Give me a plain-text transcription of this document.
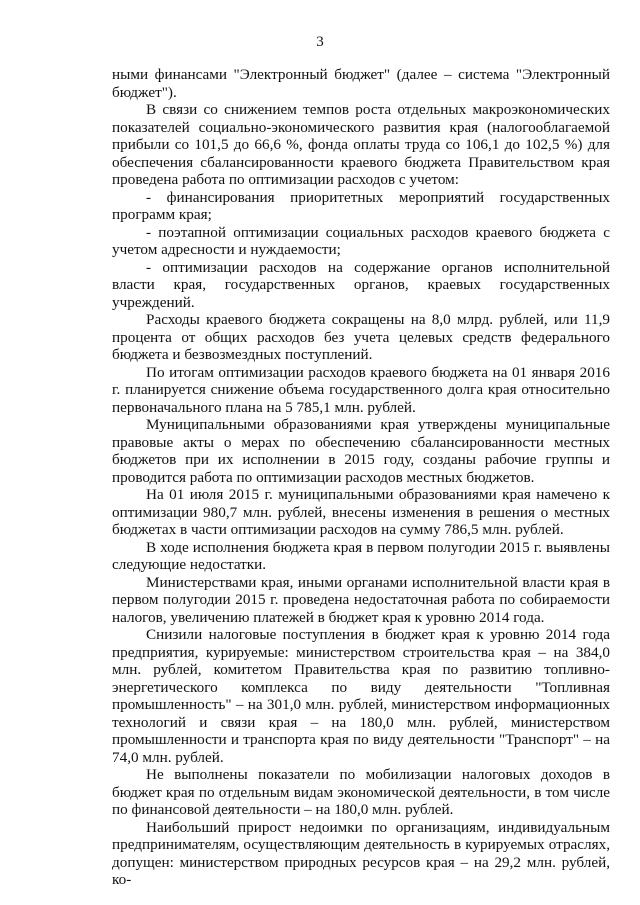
3

ными финансами "Электронный бюджет" (далее – система "Электронный бюджет").

В связи со снижением темпов роста отдельных макроэкономических показателей социально-экономического развития края (налогооблагаемой прибыли со 101,5 до 66,6 %, фонда оплаты труда со 106,1 до 102,5 %) для обеспечения сбалансированности краевого бюджета Правительством края проведена работа по оптимизации расходов с учетом:

- финансирования приоритетных мероприятий государственных программ края;

- поэтапной оптимизации социальных расходов краевого бюджета с учетом адресности и нуждаемости;

- оптимизации расходов на содержание органов исполнительной власти края, государственных органов, краевых государственных учреждений.

Расходы краевого бюджета сокращены на 8,0 млрд. рублей, или 11,9 процента от общих расходов без учета целевых средств федерального бюджета и безвозмездных поступлений.

По итогам оптимизации расходов краевого бюджета на 01 января 2016 г. планируется снижение объема государственного долга края относительно первоначального плана на 5 785,1 млн. рублей.

Муниципальными образованиями края утверждены муниципальные правовые акты о мерах по обеспечению сбалансированности местных бюджетов при их исполнении в 2015 году, созданы рабочие группы и проводится работа по оптимизации расходов местных бюджетов.

На 01 июля 2015 г. муниципальными образованиями края намечено к оптимизации 980,7 млн. рублей, внесены изменения в решения о местных бюджетах в части оптимизации расходов на сумму 786,5 млн. рублей.

В ходе исполнения бюджета края в первом полугодии 2015 г. выявлены следующие недостатки.

Министерствами края, иными органами исполнительной власти края в первом полугодии 2015 г. проведена недостаточная работа по собираемости налогов, увеличению платежей в бюджет края к уровню 2014 года.

Снизили налоговые поступления в бюджет края к уровню 2014 года предприятия, курируемые: министерством строительства края – на 384,0 млн. рублей, комитетом Правительства края по развитию топливно-энергетического комплекса по виду деятельности "Топливная промышленность" – на 301,0 млн. рублей, министерством информационных технологий и связи края – на 180,0 млн. рублей, министерством промышленности и транспорта края по виду деятельности "Транспорт" – на 74,0 млн. рублей.

Не выполнены показатели по мобилизации налоговых доходов в бюджет края по отдельным видам экономической деятельности, в том числе по финансовой деятельности – на 180,0 млн. рублей.

Наибольший прирост недоимки по организациям, индивидуальным предпринимателям, осуществляющим деятельность в курируемых отраслях, допущен: министерством природных ресурсов края – на 29,2 млн. рублей, ко-
